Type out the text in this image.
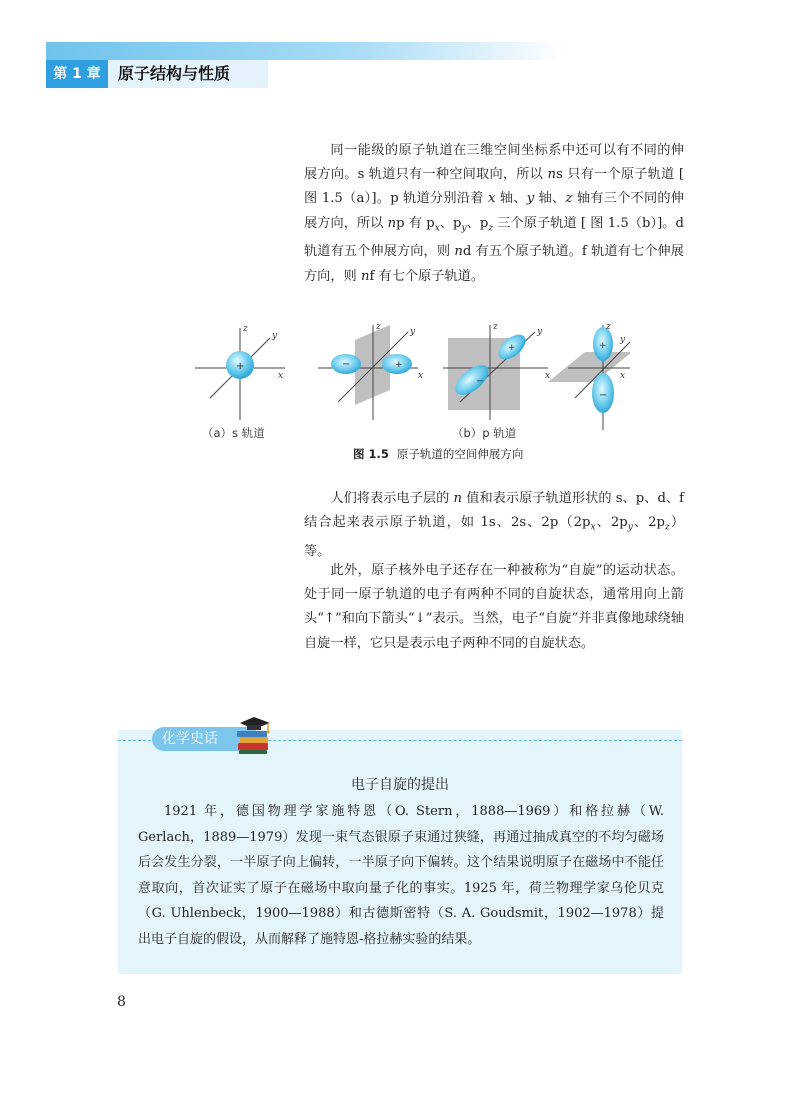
第 1 章	原子结构与性质

同一能级的原子轨道在三维空间坐标系中还可以有不同的伸展方向。s 轨道只有一种空间取向，所以 ns 只有一个原子轨道 [ 图 1.5（a）]。p 轨道分别沿着 x 轴、y 轴、z 轴有三个不同的伸展方向，所以 np 有 $p_x$、$p_y$、$p_z$ 三个原子轨道 [ 图 1.5（b）]。d 轨道有五个伸展方向，则 nd 有五个原子轨道。f 轨道有七个伸展方向，则 nf 有七个原子轨道。

+
z
y
x
−	+
z	y
x
+
−
z	y
x
+
−
z
y
x
（a）s 轨道	（b）p 轨道
图 1.5 原子轨道的空间伸展方向

人们将表示电子层的 n 值和表示原子轨道形状的 s、p、d、f 结合起来表示原子轨道，如 1s、2s、$2p(2p_x$、$2p_y$、$2p_z$）等。

此外，原子核外电子还存在一种被称为“自旋”的运动状态。处于同一原子轨道的电子有两种不同的自旋状态，通常用向上箭头“↑”和向下箭头“↓”表示。当然，电子“自旋”并非真像地球绕轴自旋一样，它只是表示电子两种不同的自旋状态。

化学史话
电子自旋的提出

1921 年，德国物理学家施特恩（O. Stern，1888—1969）和格拉赫（W. Gerlach，1889—1979）发现一束气态银原子束通过狭缝，再通过抽成真空的不均匀磁场后会发生分裂，一半原子向上偏转，一半原子向下偏转。这个结果说明原子在磁场中不能任意取向，首次证实了原子在磁场中取向量子化的事实。1925 年，荷兰物理学家乌伦贝克（G. Uhlenbeck，1900—1988）和古德斯密特（S. A. Goudsmit，1902—1978）提出电子自旋的假设，从而解释了施特恩-格拉赫实验的结果。

8
